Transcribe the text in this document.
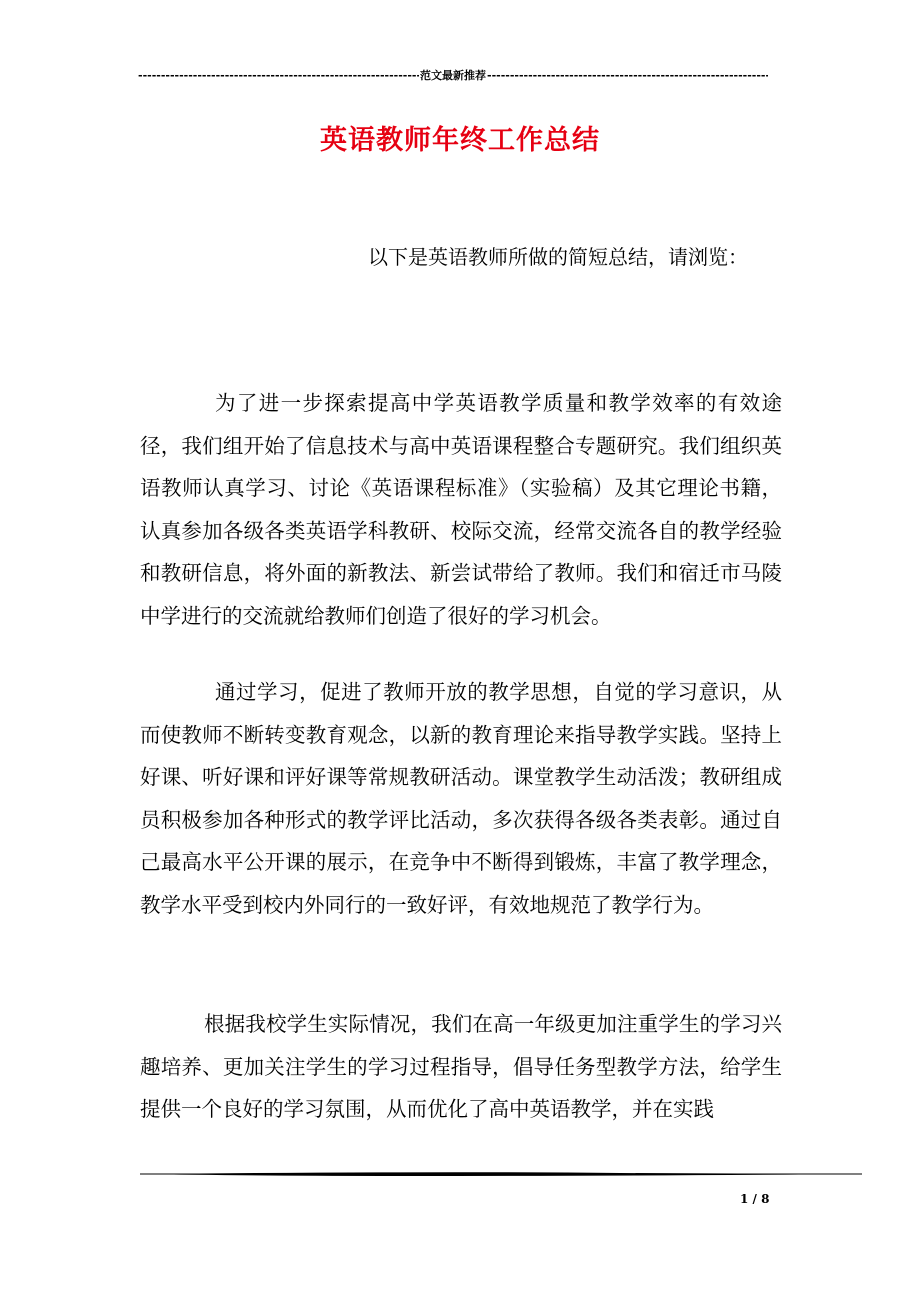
-----
范文最新推荐
-----
英语教师年终工作总结
以下是英语教师所做的简短总结，请浏览：

为了进一步探索提高中学英语教学质量和教学效率的有效途径，我们组开始了信息技术与高中英语课程整合专题研究。我们组织英语教师认真学习、讨论《英语课程标准》（实验稿）及其它理论书籍，认真参加各级各类英语学科教研、校际交流，经常交流各自的教学经验和教研信息，将外面的新教法、新尝试带给了教师。我们和宿迁市马陵中学进行的交流就给教师们创造了很好的学习机会。

通过学习，促进了教师开放的教学思想，自觉的学习意识，从而使教师不断转变教育观念，以新的教育理论来指导教学实践。坚持上好课、听好课和评好课等常规教研活动。课堂教学生动活泼；教研组成员积极参加各种形式的教学评比活动，多次获得各级各类表彰。通过自己最高水平公开课的展示，在竞争中不断得到锻炼，丰富了教学理念，教学水平受到校内外同行的一致好评，有效地规范了教学行为。

根据我校学生实际情况，我们在高一年级更加注重学生的学习兴趣培养、更加关注学生的学习过程指导，倡导任务型教学方法，给学生提供一个良好的学习氛围，从而优化了高中英语教学，并在实践

1 / 8
